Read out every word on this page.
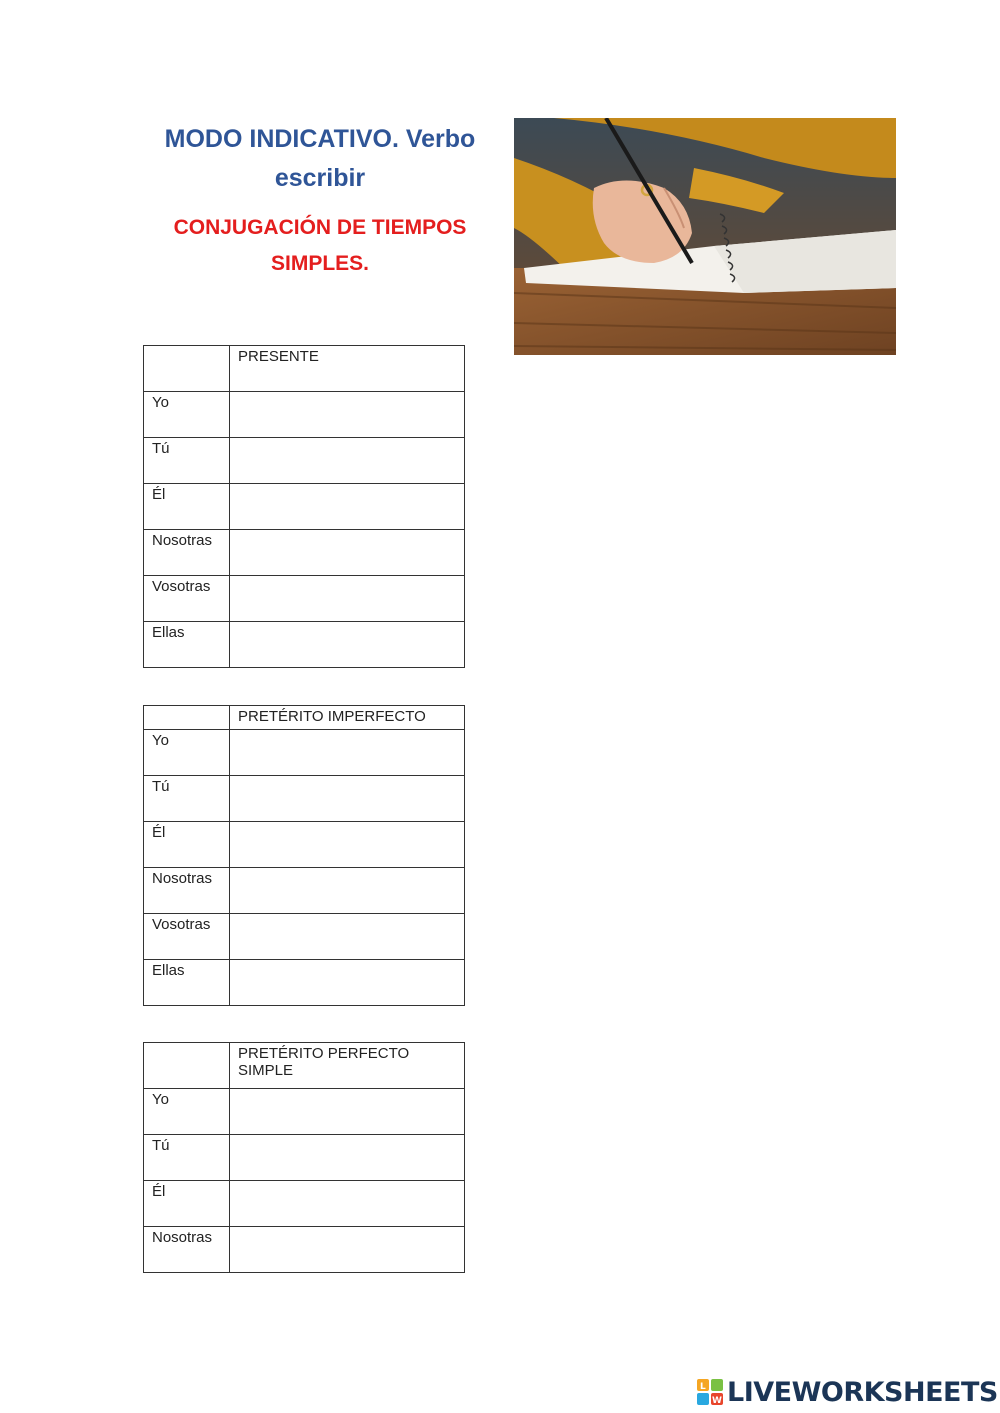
MODO INDICATIVO. Verbo escribir
CONJUGACIÓN DE TIEMPOS SIMPLES.
	PRESENTE
Yo	

Tú	

Él	

Nosotras	

Vosotras	

Ellas	
	PRETÉRITO IMPERFECTO
Yo	

Tú	

Él	

Nosotras	

Vosotras	

Ellas	
	PRETÉRITO PERFECTO SIMPLE
Yo	

Tú	

Él	

Nosotras	
L
W LIVEWORKSHEETS
